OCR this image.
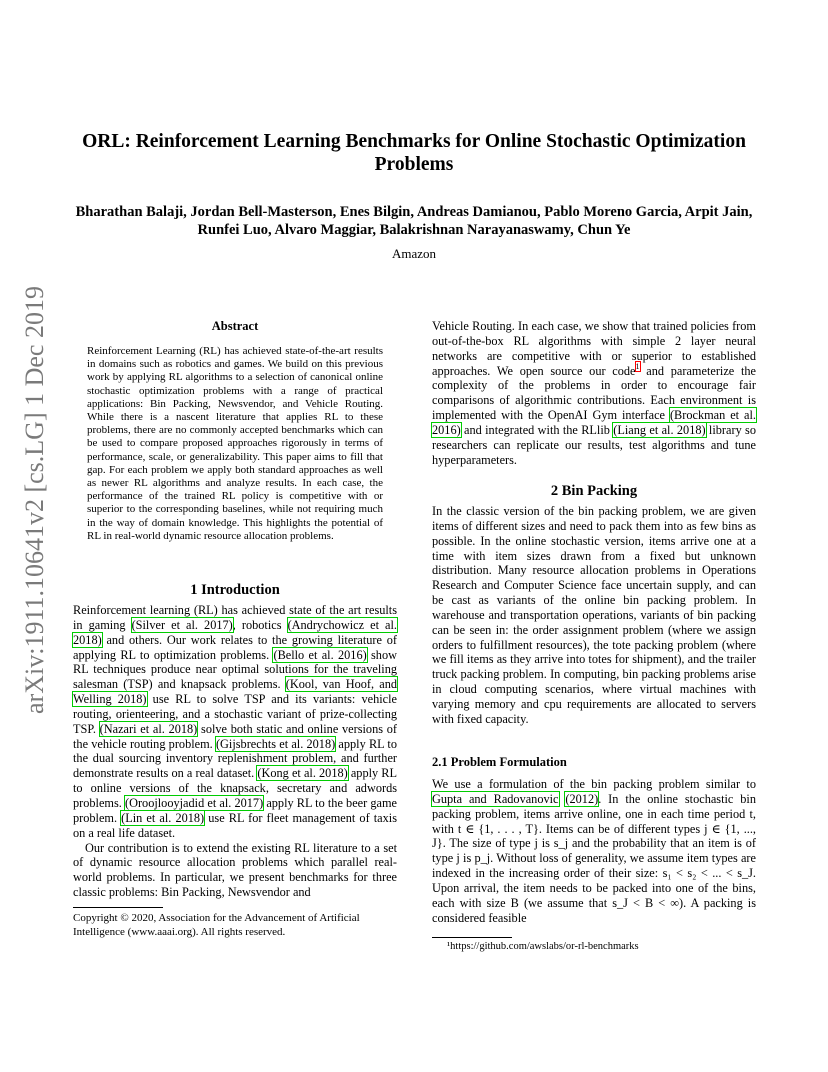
arXiv:1911.10641v2 [cs.LG] 1 Dec 2019
ORL: Reinforcement Learning Benchmarks for Online Stochastic Optimization Problems
Bharathan Balaji, Jordan Bell-Masterson, Enes Bilgin, Andreas Damianou, Pablo Moreno Garcia, Arpit Jain, Runfei Luo, Alvaro Maggiar, Balakrishnan Narayanaswamy, Chun Ye
Amazon
Abstract
Reinforcement Learning (RL) has achieved state-of-the-art results in domains such as robotics and games. We build on this previous work by applying RL algorithms to a selection of canonical online stochastic optimization problems with a range of practical applications: Bin Packing, Newsvendor, and Vehicle Routing. While there is a nascent literature that applies RL to these problems, there are no commonly accepted benchmarks which can be used to compare proposed approaches rigorously in terms of performance, scale, or generalizability. This paper aims to fill that gap. For each problem we apply both standard approaches as well as newer RL algorithms and analyze results. In each case, the performance of the trained RL policy is competitive with or superior to the corresponding baselines, while not requiring much in the way of domain knowledge. This highlights the potential of RL in real-world dynamic resource allocation problems.
1 Introduction

Reinforcement learning (RL) has achieved state of the art results in gaming (Silver et al. 2017), robotics (Andrychowicz et al. 2018) and others. Our work relates to the growing literature of applying RL to optimization problems. (Bello et al. 2016) show RL techniques produce near optimal solutions for the traveling salesman (TSP) and knapsack problems. (Kool, van Hoof, and Welling 2018) use RL to solve TSP and its variants: vehicle routing, orienteering, and a stochastic variant of prize-collecting TSP. (Nazari et al. 2018) solve both static and online versions of the vehicle routing problem. (Gijsbrechts et al. 2018) apply RL to the dual sourcing inventory replenishment problem, and further demonstrate results on a real dataset. (Kong et al. 2018) apply RL to online versions of the knapsack, secretary and adwords problems. (Oroojlooyjadid et al. 2017) apply RL to the beer game problem. (Lin et al. 2018) use RL for fleet management of taxis on a real life dataset.

Our contribution is to extend the existing RL literature to a set of dynamic resource allocation problems which parallel real-world problems. In particular, we present benchmarks for three classic problems: Bin Packing, Newsvendor and

Vehicle Routing. In each case, we show that trained policies from out-of-the-box RL algorithms with simple 2 layer neural networks are competitive with or superior to established approaches. We open source our code$^1$ and parameterize the complexity of the problems in order to encourage fair comparisons of algorithmic contributions. Each environment is implemented with the OpenAI Gym interface (Brockman et al. 2016) and integrated with the RLlib (Liang et al. 2018) library so researchers can replicate our results, test algorithms and tune hyperparameters.
2 Bin Packing
In the classic version of the bin packing problem, we are given items of different sizes and need to pack them into as few bins as possible. In the online stochastic version, items arrive one at a time with item sizes drawn from a fixed but unknown distribution. Many resource allocation problems in Operations Research and Computer Science face uncertain supply, and can be cast as variants of the online bin packing problem. In warehouse and transportation operations, variants of bin packing can be seen in: the order assignment problem (where we assign orders to fulfillment resources), the tote packing problem (where we fill items as they arrive into totes for shipment), and the trailer truck packing problem. In computing, bin packing problems arise in cloud computing scenarios, where virtual machines with varying memory and cpu requirements are allocated to servers with fixed capacity.
2.1 Problem Formulation
We use a formulation of the bin packing problem similar to Gupta and Radovanovic (2012). In the online stochastic bin packing problem, items arrive online, one in each time period t, with t ∈ {1, . . . , T}. Items can be of different types j ∈ {1, ..., J}. The size of type j is s_j and the probability that an item is of type j is p_j. Without loss of generality, we assume item types are indexed in the increasing order of their size: s₁ < s₂ < ... < s_J. Upon arrival, the item needs to be packed into one of the bins, each with size B (we assume that s_J < B < ∞). A packing is considered feasible
Copyright © 2020, Association for the Advancement of Artificial Intelligence (www.aaai.org). All rights reserved.
¹https://github.com/awslabs/or-rl-benchmarks
